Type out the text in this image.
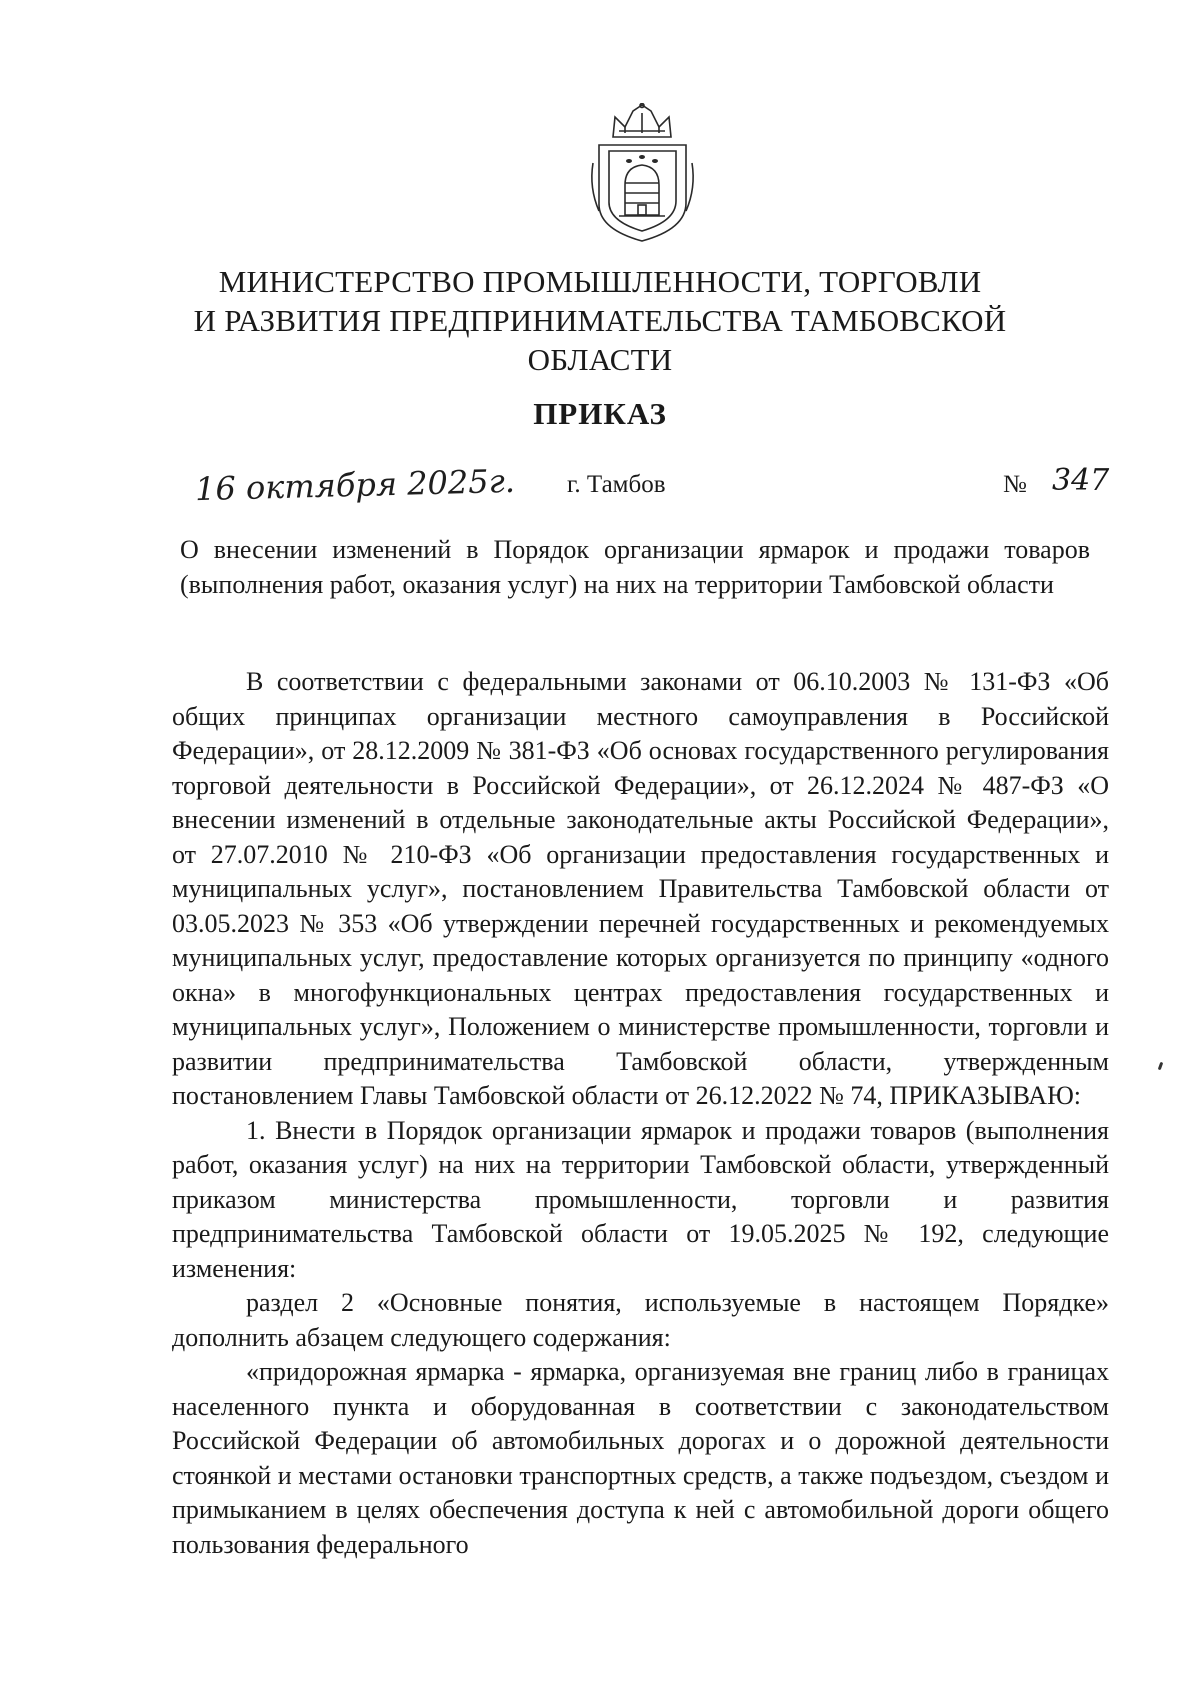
МИНИСТЕРСТВО ПРОМЫШЛЕННОСТИ, ТОРГОВЛИ
И РАЗВИТИЯ ПРЕДПРИНИМАТЕЛЬСТВА ТАМБОВСКОЙ ОБЛАСТИ
ПРИКАЗ
16 октября 2025г. г. Тамбов	№ 347
О внесении изменений в Порядок организации ярмарок и продажи товаров (выполнения работ, оказания услуг) на них на территории Тамбовской области

В соответствии с федеральными законами от 06.10.2003 № 131-ФЗ «Об общих принципах организации местного самоуправления в Российской Федерации», от 28.12.2009 № 381-ФЗ «Об основах государственного регулирования торговой деятельности в Российской Федерации», от 26.12.2024 № 487-ФЗ «О внесении изменений в отдельные законодательные акты Российской Федерации», от 27.07.2010 № 210-ФЗ «Об организации предоставления государственных и муниципальных услуг», постановлением Правительства Тамбовской области от 03.05.2023 № 353 «Об утверждении перечней государственных и рекомендуемых муниципальных услуг, предоставление которых организуется по принципу «одного окна» в многофункциональных центрах предоставления государственных и муниципальных услуг», Положением о министерстве промышленности, торговли и развитии предпринимательства Тамбовской области, утвержденным постановлением Главы Тамбовской области от 26.12.2022 № 74, ПРИКАЗЫВАЮ:

1. Внести в Порядок организации ярмарок и продажи товаров (выполнения работ, оказания услуг) на них на территории Тамбовской области, утвержденный приказом министерства промышленности, торговли и развития предпринимательства Тамбовской области от 19.05.2025 № 192, следующие изменения:

раздел 2 «Основные понятия, используемые в настоящем Порядке» дополнить абзацем следующего содержания:

«придорожная ярмарка - ярмарка, организуемая вне границ либо в границах населенного пункта и оборудованная в соответствии с законодательством Российской Федерации об автомобильных дорогах и о дорожной деятельности стоянкой и местами остановки транспортных средств, а также подъездом, съездом и примыканием в целях обеспечения доступа к ней с автомобильной дороги общего пользования федерального
